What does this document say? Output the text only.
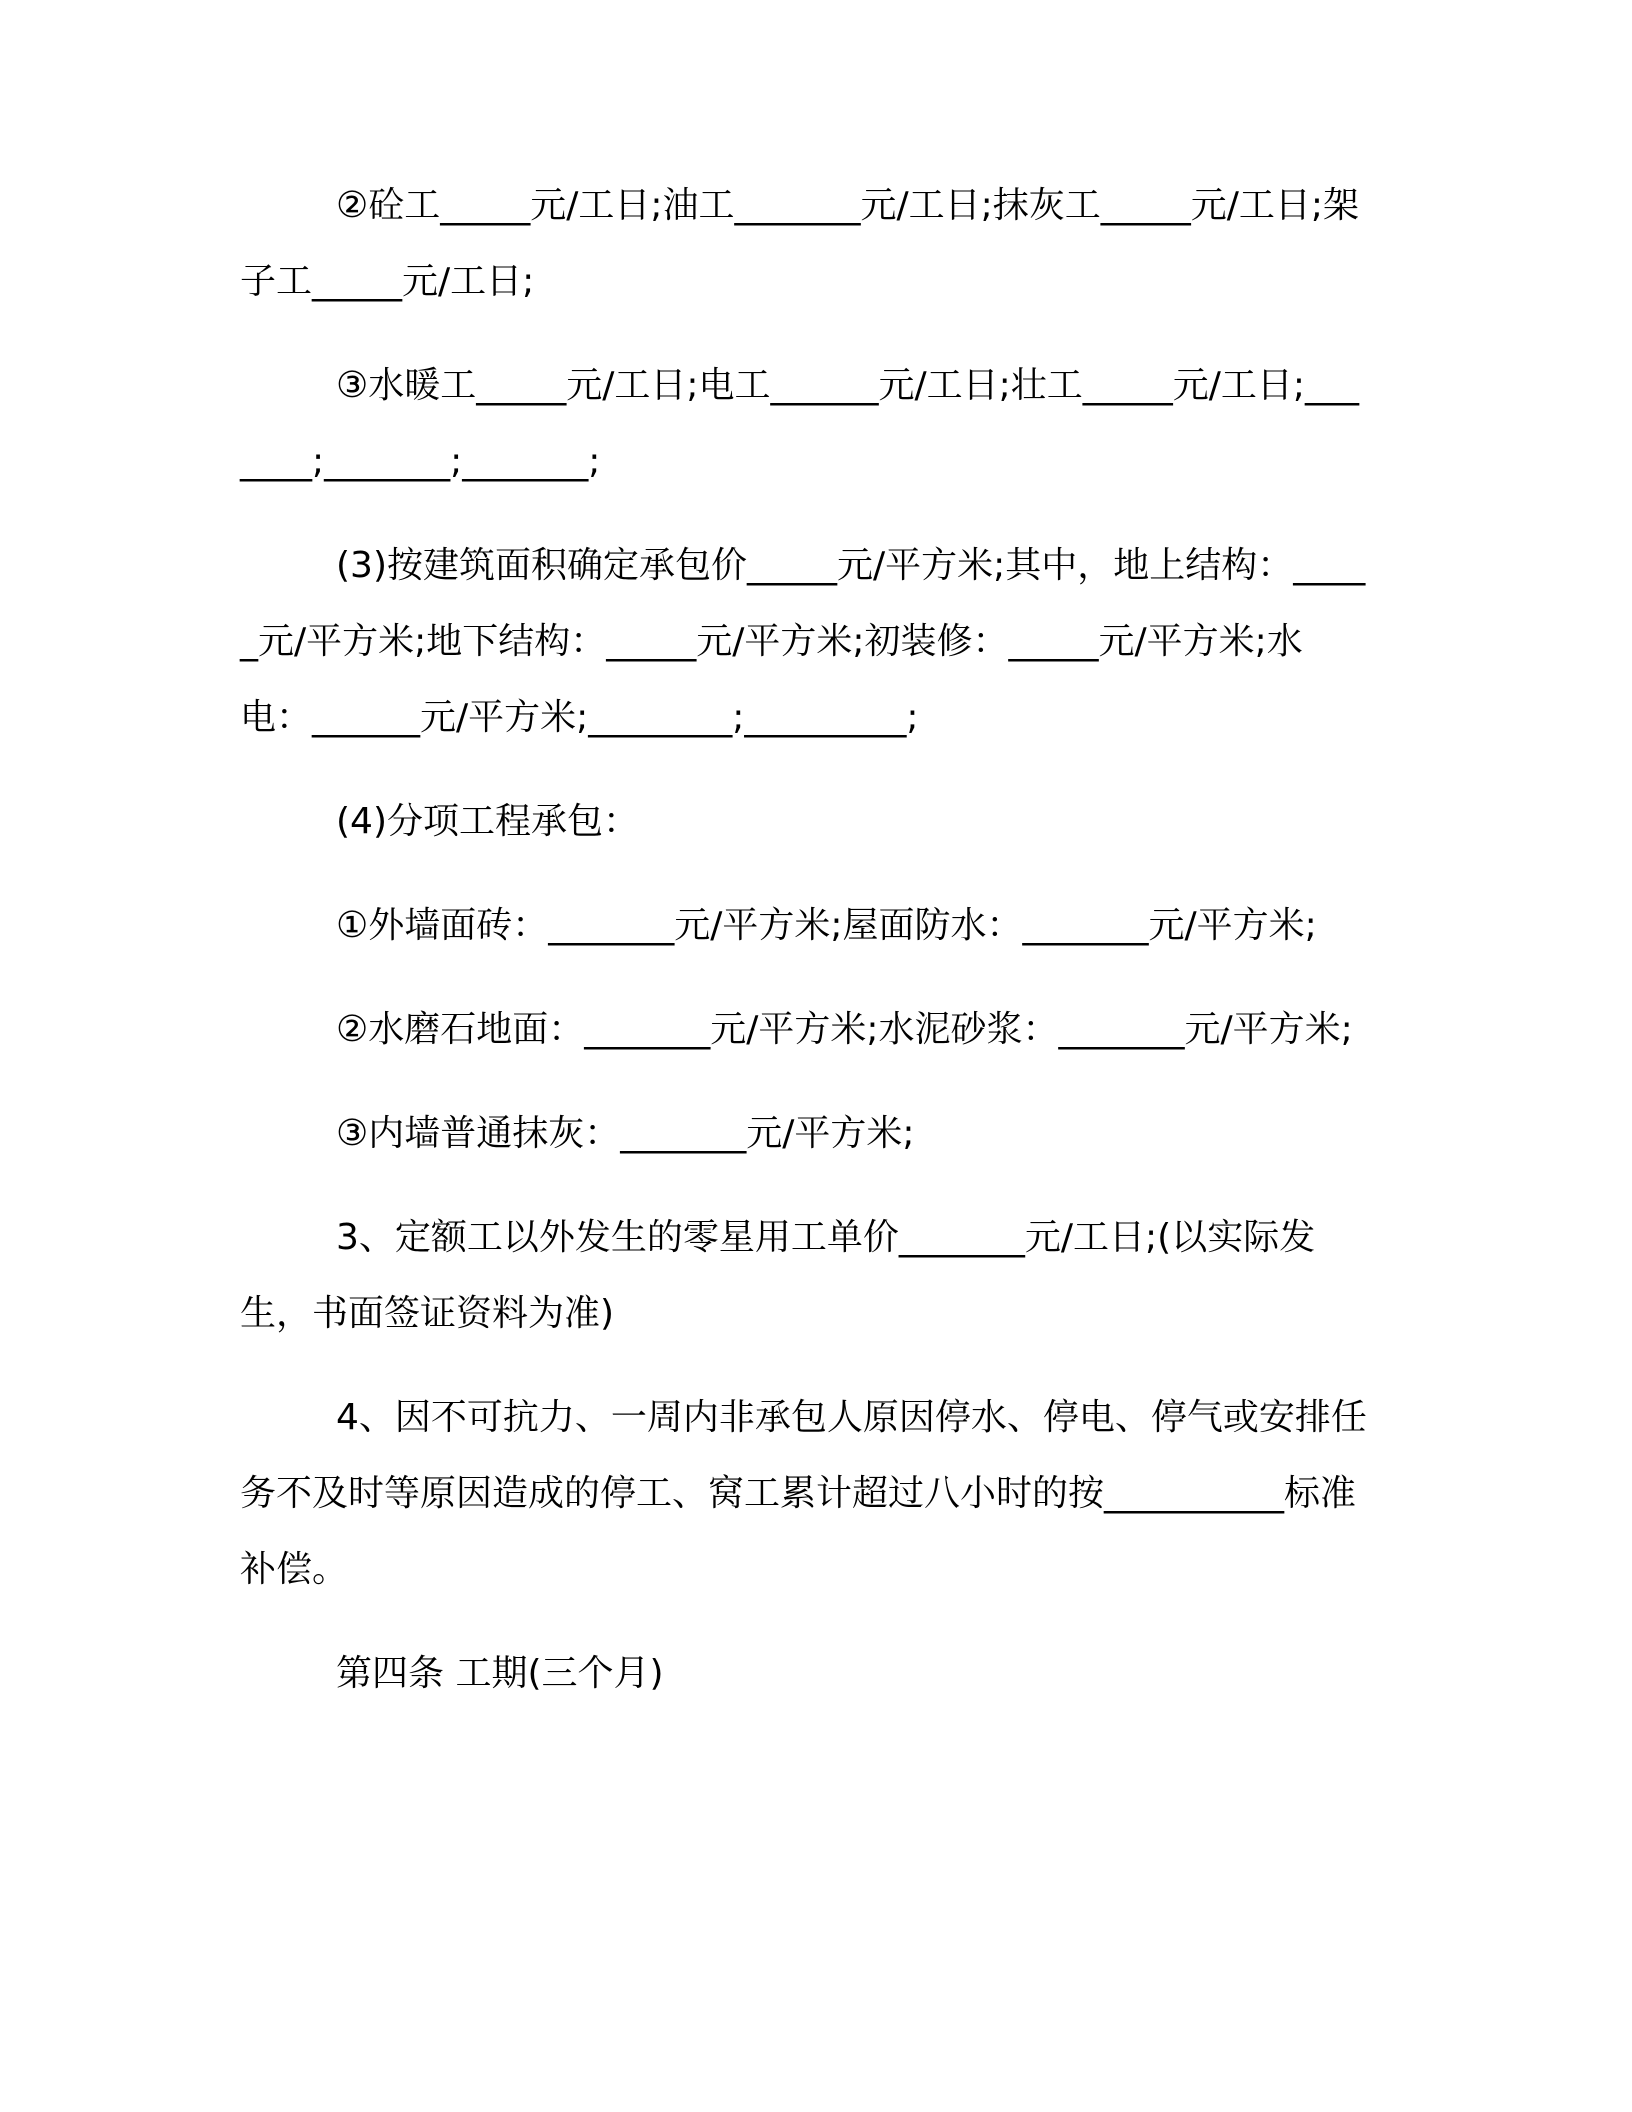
②砼工_____元/工日;油工_______元/工日;抹灰工_____元/工日;架子工_____元/工日;

③水暖工_____元/工日;电工______元/工日;壮工_____元/工日;_______;_______;_______;

(3)按建筑面积确定承包价_____元/平方米;其中，地上结构：_____元/平方米;地下结构：_____元/平方米;初装修：_____元/平方米;水电：______元/平方米;________;_________;

(4)分项工程承包：

①外墙面砖：_______元/平方米;屋面防水：_______元/平方米;

②水磨石地面：_______元/平方米;水泥砂浆：_______元/平方米;

③内墙普通抹灰：_______元/平方米;

3、定额工以外发生的零星用工单价_______元/工日;(以实际发生，书面签证资料为准)

4、因不可抗力、一周内非承包人原因停水、停电、停气或安排任务不及时等原因造成的停工、窝工累计超过八小时的按__________标准补偿。

第四条 工期(三个月)
